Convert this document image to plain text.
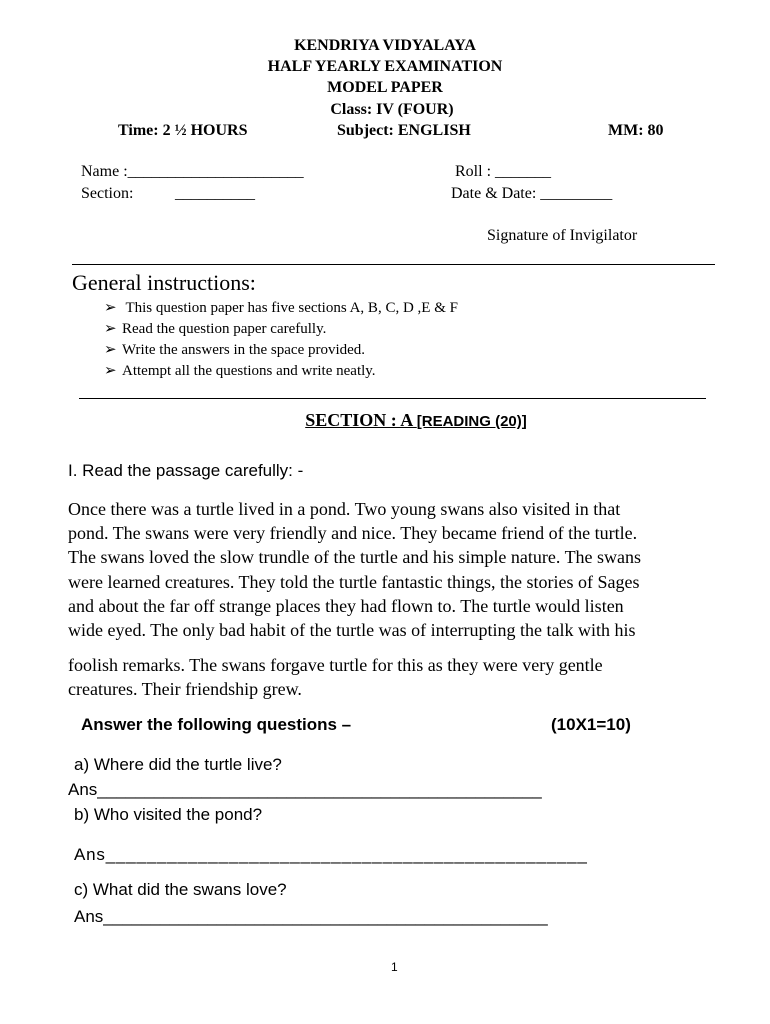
KENDRIYA VIDYALAYA
HALF YEARLY EXAMINATION
MODEL PAPER
Class: IV (FOUR)
Time: 2 ½ HOURS	Subject: ENGLISH	MM: 80
Name :______________________	Roll : _______
Section:	__________	Date & Date: _________
Signature of Invigilator
General instructions:
➢ This question paper has five sections A, B, C, D ,E & F
➢ Read the question paper carefully.
➢ Write the answers in the space provided.
➢ Attempt all the questions and write neatly.
SECTION : A [READING (20)]
I. Read the passage carefully: -
Once there was a turtle lived in a pond. Two young swans also visited in that
pond. The swans were very friendly and nice. They became friend of the turtle.
The swans loved the slow trundle of the turtle and his simple nature. The swans
were learned creatures. They told the turtle fantastic things, the stories of Sages
and about the far off strange places they had flown to. The turtle would listen
wide eyed. The only bad habit of the turtle was of interrupting the talk with his
foolish remarks. The swans forgave turtle for this as they were very gentle
creatures. Their friendship grew.
Answer the following questions –	(10X1=10)
a) Where did the turtle live?
Ans_______________________________________________
b) Who visited the pond?
Ans_______________________________________________
c) What did the swans love?
Ans_______________________________________________
1
